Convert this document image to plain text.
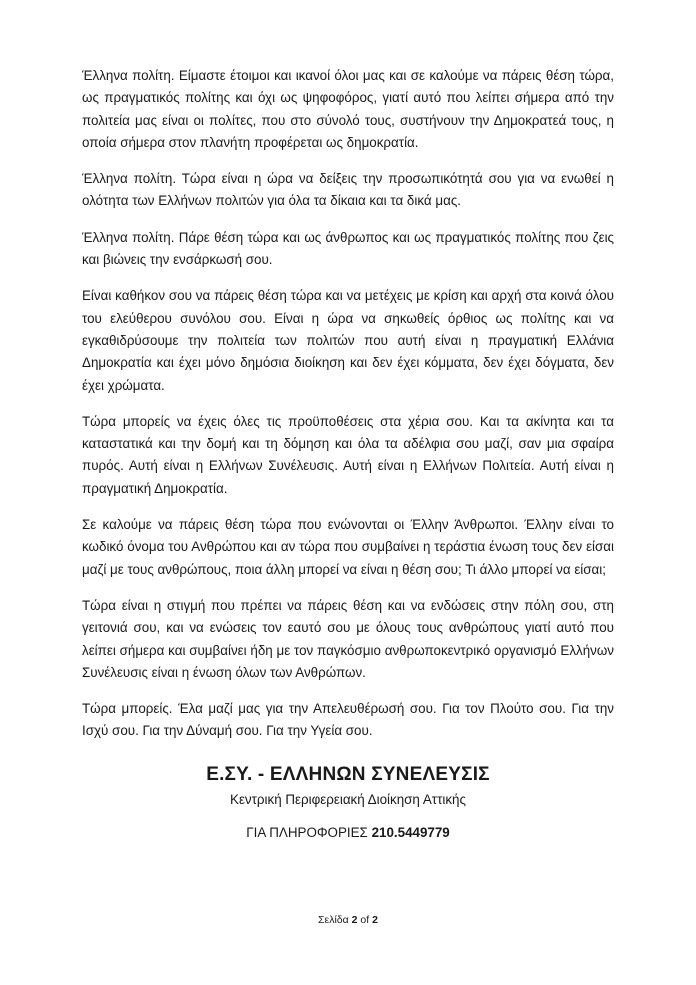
Έλληνα πολίτη. Είμαστε έτοιμοι και ικανοί όλοι μας και σε καλούμε να πάρεις θέση τώρα, ως πραγματικός πολίτης και όχι ως ψηφοφόρος, γιατί αυτό που λείπει σήμερα από την πολιτεία μας είναι οι πολίτες, που στο σύνολό τους, συστήνουν την Δημοκρατεά τους, η οποία σήμερα στον πλανήτη προφέρεται ως δημοκρατία.

Έλληνα πολίτη. Τώρα είναι η ώρα να δείξεις την προσωπικότητά σου για να ενωθεί η ολότητα των Ελλήνων πολιτών για όλα τα δίκαια και τα δικά μας.

Έλληνα πολίτη. Πάρε θέση τώρα και ως άνθρωπος και ως πραγματικός πολίτης που ζεις και βιώνεις την ενσάρκωσή σου.

Είναι καθήκον σου να πάρεις θέση τώρα και να μετέχεις με κρίση και αρχή στα κοινά όλου του ελεύθερου συνόλου σου. Είναι η ώρα να σηκωθείς όρθιος ως πολίτης και να εγκαθιδρύσουμε την πολιτεία των πολιτών που αυτή είναι η πραγματική Ελλάνια Δημοκρατία και έχει μόνο δημόσια διοίκηση και δεν έχει κόμματα, δεν έχει δόγματα, δεν έχει χρώματα.

Τώρα μπορείς να έχεις όλες τις προϋποθέσεις στα χέρια σου. Και τα ακίνητα και τα καταστατικά και την δομή και τη δόμηση και όλα τα αδέλφια σου μαζί, σαν μια σφαίρα πυρός. Αυτή είναι η Ελλήνων Συνέλευσις. Αυτή είναι η Ελλήνων Πολιτεία. Αυτή είναι η πραγματική Δημοκρατία.

Σε καλούμε να πάρεις θέση τώρα που ενώνονται οι Έλλην Άνθρωποι. Έλλην είναι το κωδικό όνομα του Ανθρώπου και αν τώρα που συμβαίνει η τεράστια ένωση τους δεν είσαι μαζί με τους ανθρώπους, ποια άλλη μπορεί να είναι η θέση σου; Τι άλλο μπορεί να είσαι;

Τώρα είναι η στιγμή που πρέπει να πάρεις θέση και να ενδώσεις στην πόλη σου, στη γειτονιά σου, και να ενώσεις τον εαυτό σου με όλους τους ανθρώπους γιατί αυτό που λείπει σήμερα και συμβαίνει ήδη με τον παγκόσμιο ανθρωποκεντρικό οργανισμό Ελλήνων Συνέλευσις είναι η ένωση όλων των Ανθρώπων.

Τώρα μπορείς. Έλα μαζί μας για την Απελευθέρωσή σου. Για τον Πλούτο σου. Για την Ισχύ σου. Για την Δύναμή σου. Για την Υγεία σου.

Ε.ΣΥ. - ΕΛΛΗΝΩΝ ΣΥΝΕΛΕΥΣΙΣ
Κεντρική Περιφερειακή Διοίκηση Αττικής
ΓΙΑ ΠΛΗΡΟΦΟΡΙΕΣ 210.5449779
Σελίδα 2 of 2
